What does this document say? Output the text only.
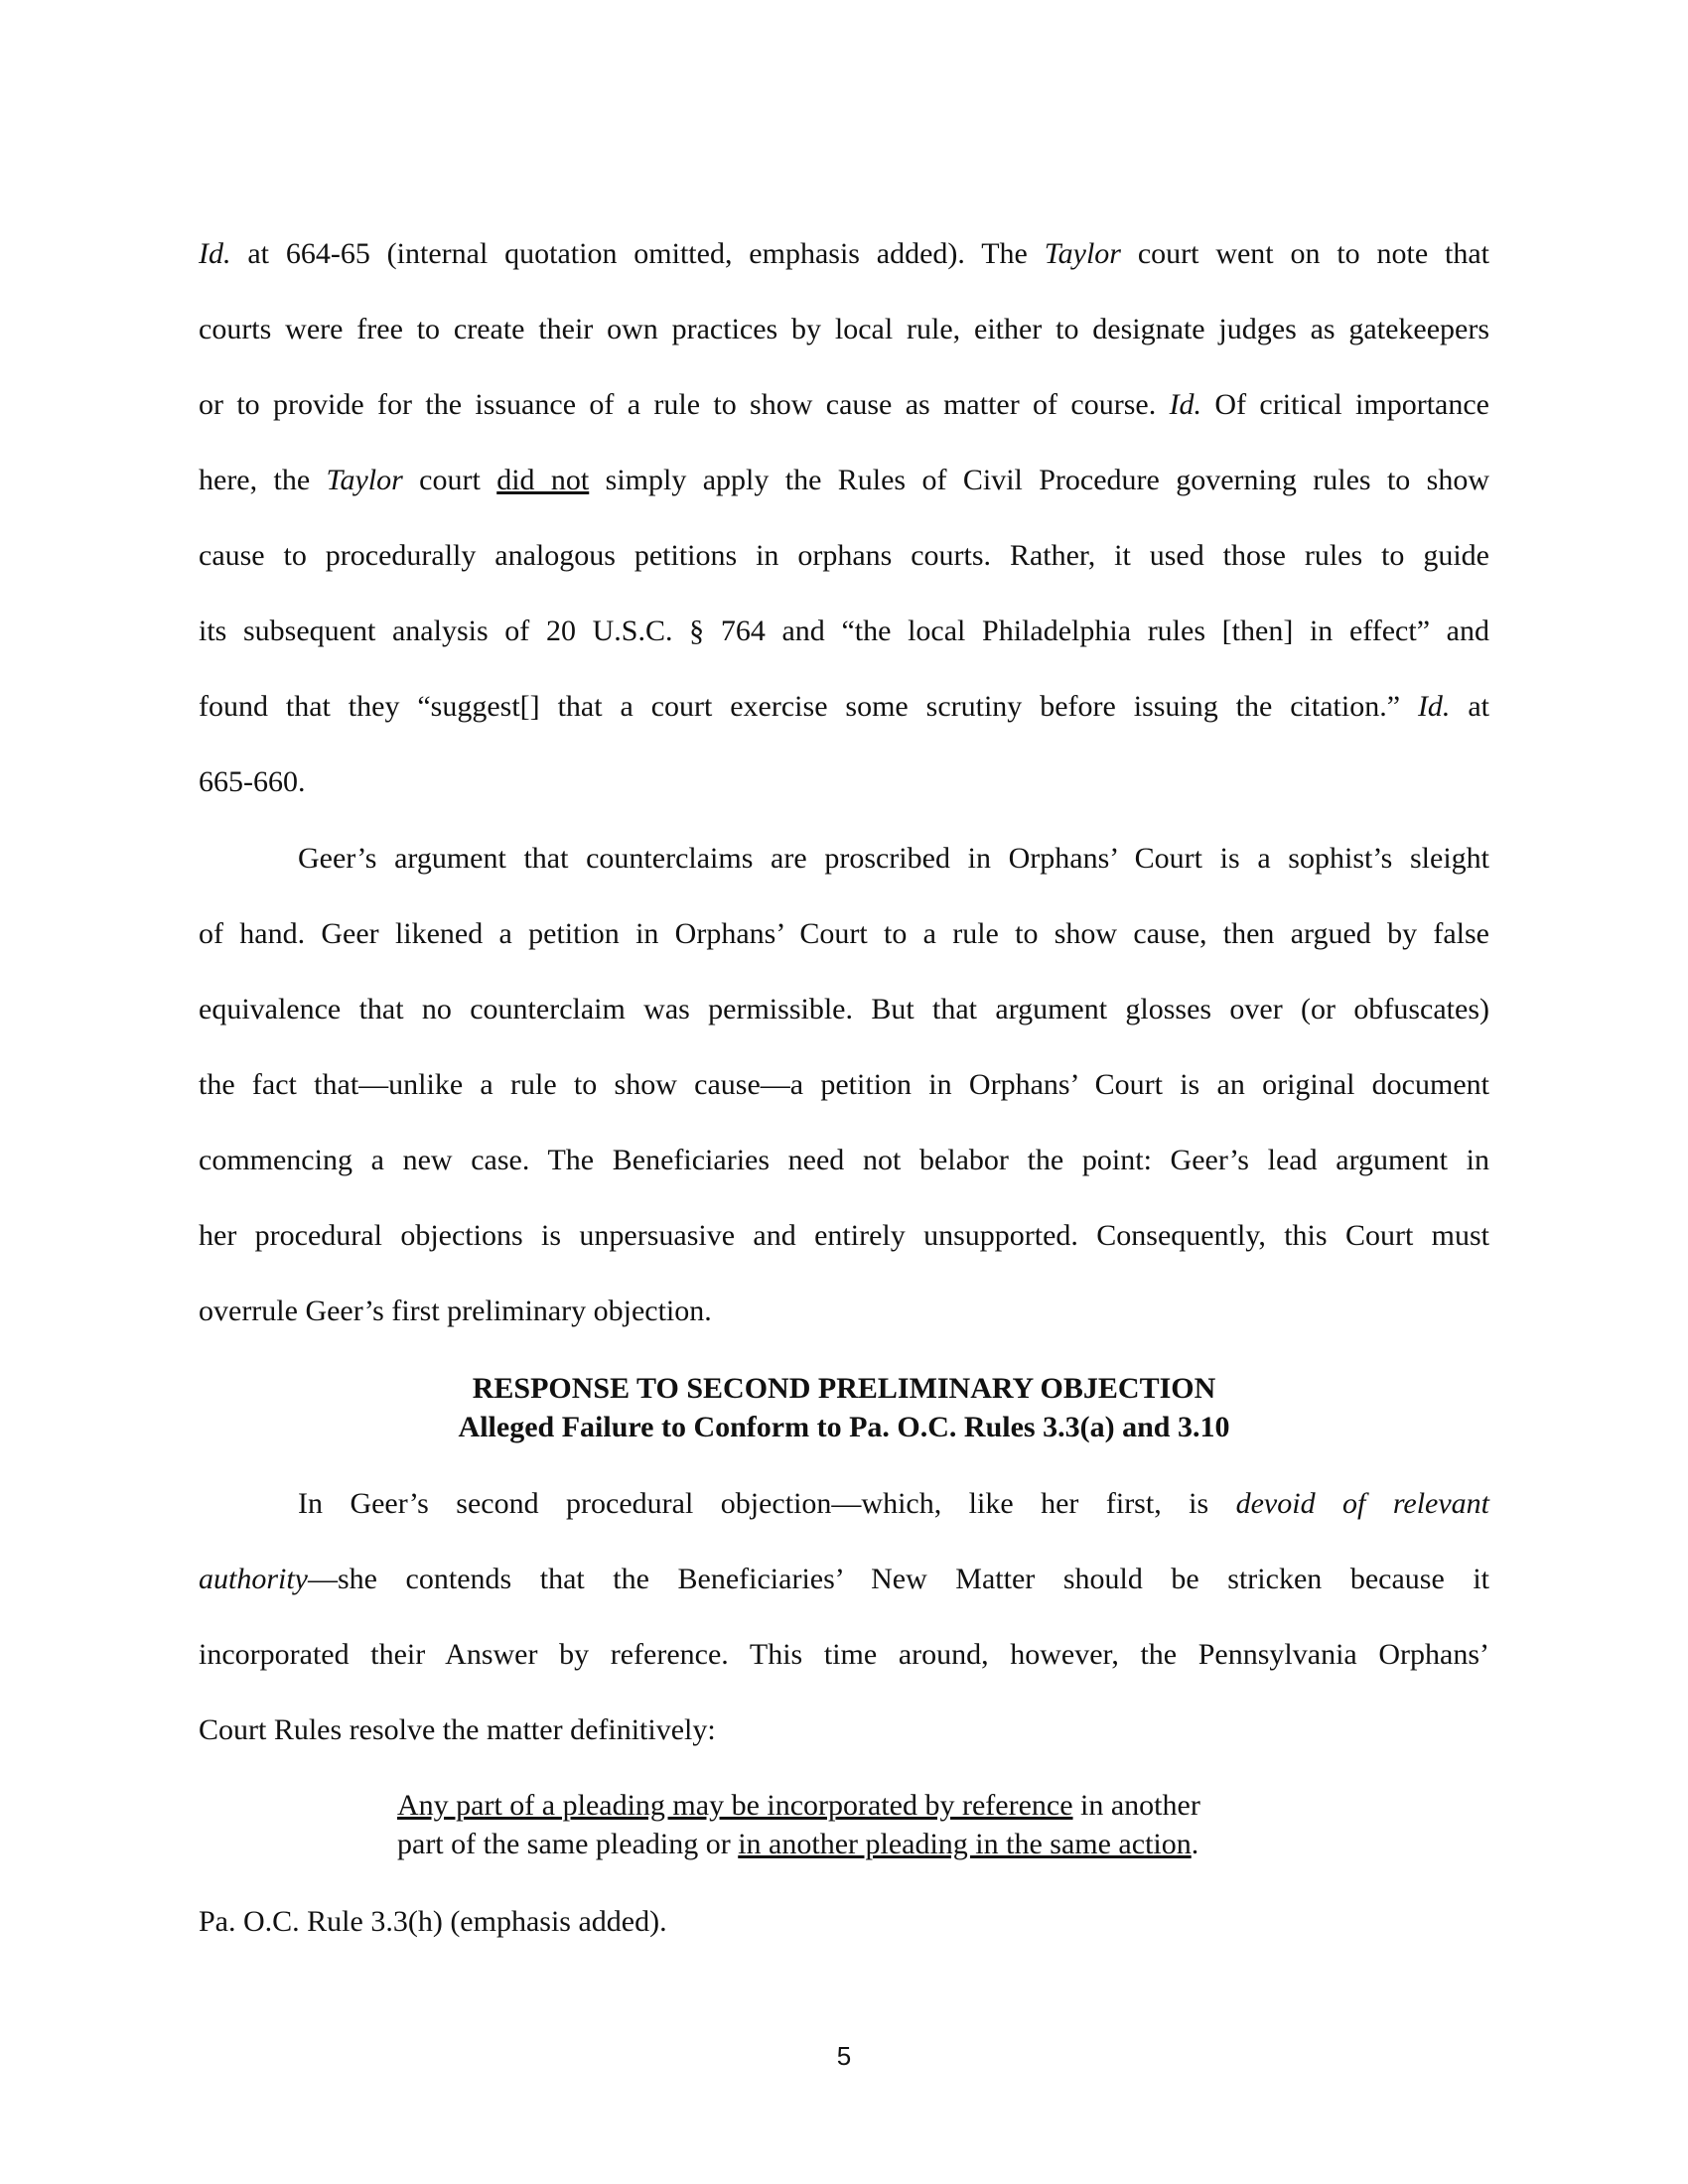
Id. at 664-65 (internal quotation omitted, emphasis added). The Taylor court went on to note that
courts were free to create their own practices by local rule, either to designate judges as gatekeepers
or to provide for the issuance of a rule to show cause as matter of course. Id. Of critical importance
here, the Taylor court did not simply apply the Rules of Civil Procedure governing rules to show
cause to procedurally analogous petitions in orphans courts. Rather, it used those rules to guide
its subsequent analysis of 20 U.S.C. § 764 and “the local Philadelphia rules [then] in effect” and
found that they “suggest[] that a court exercise some scrutiny before issuing the citation.” Id. at
665-660.
Geer’s argument that counterclaims are proscribed in Orphans’ Court is a sophist’s sleight
of hand. Geer likened a petition in Orphans’ Court to a rule to show cause, then argued by false
equivalence that no counterclaim was permissible. But that argument glosses over (or obfuscates)
the fact that—unlike a rule to show cause—a petition in Orphans’ Court is an original document
commencing a new case. The Beneficiaries need not belabor the point: Geer’s lead argument in
her procedural objections is unpersuasive and entirely unsupported. Consequently, this Court must
overrule Geer’s first preliminary objection.
RESPONSE TO SECOND PRELIMINARY OBJECTION
Alleged Failure to Conform to Pa. O.C. Rules 3.3(a) and 3.10
In Geer’s second procedural objection—which, like her first, is devoid of relevant
authority—she contends that the Beneficiaries’ New Matter should be stricken because it
incorporated their Answer by reference. This time around, however, the Pennsylvania Orphans’
Court Rules resolve the matter definitively:
Any part of a pleading may be incorporated by reference in another
part of the same pleading or in another pleading in the same action.
Pa. O.C. Rule 3.3(h) (emphasis added).
5
